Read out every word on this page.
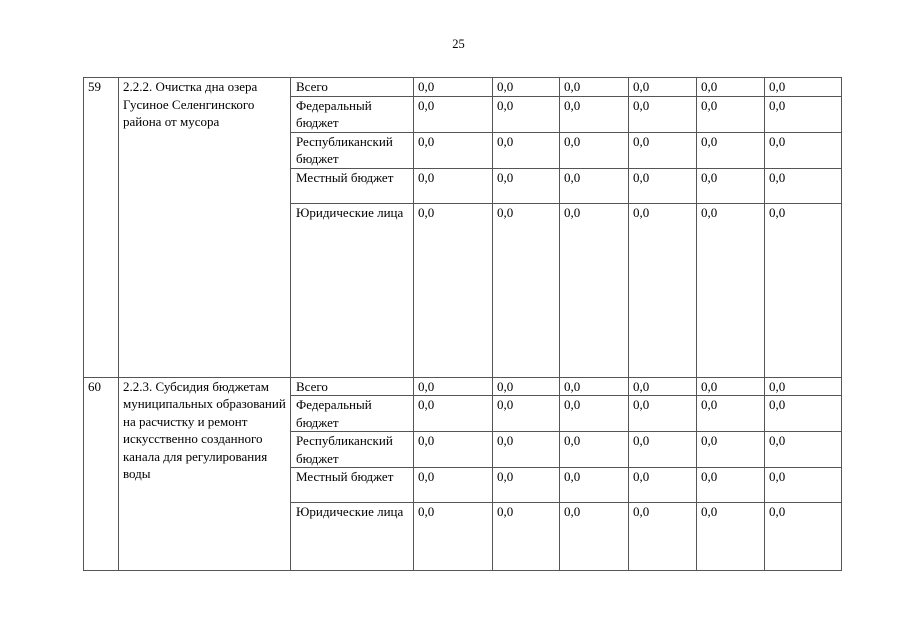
25
59	2.2.2. Очистка дна озера Гусиное Селенгинского района от мусора	Всего	0,0	0,0	0,0	0,0	0,0	0,0
		Федеральный бюджет	0,0	0,0	0,0	0,0	0,0	0,0
		Республиканский бюджет	0,0	0,0	0,0	0,0	0,0	0,0
		Местный бюджет	0,0	0,0	0,0	0,0	0,0	0,0
		Юридические лица	0,0	0,0	0,0	0,0	0,0	0,0
60	2.2.3. Субсидия бюджетам муниципальных образований на расчистку и ремонт искусственно созданного канала для регулирования воды	Всего	0,0	0,0	0,0	0,0	0,0	0,0
		Федеральный бюджет	0,0	0,0	0,0	0,0	0,0	0,0
		Республиканский бюджет	0,0	0,0	0,0	0,0	0,0	0,0
		Местный бюджет	0,0	0,0	0,0	0,0	0,0	0,0
		Юридические лица	0,0	0,0	0,0	0,0	0,0	0,0
